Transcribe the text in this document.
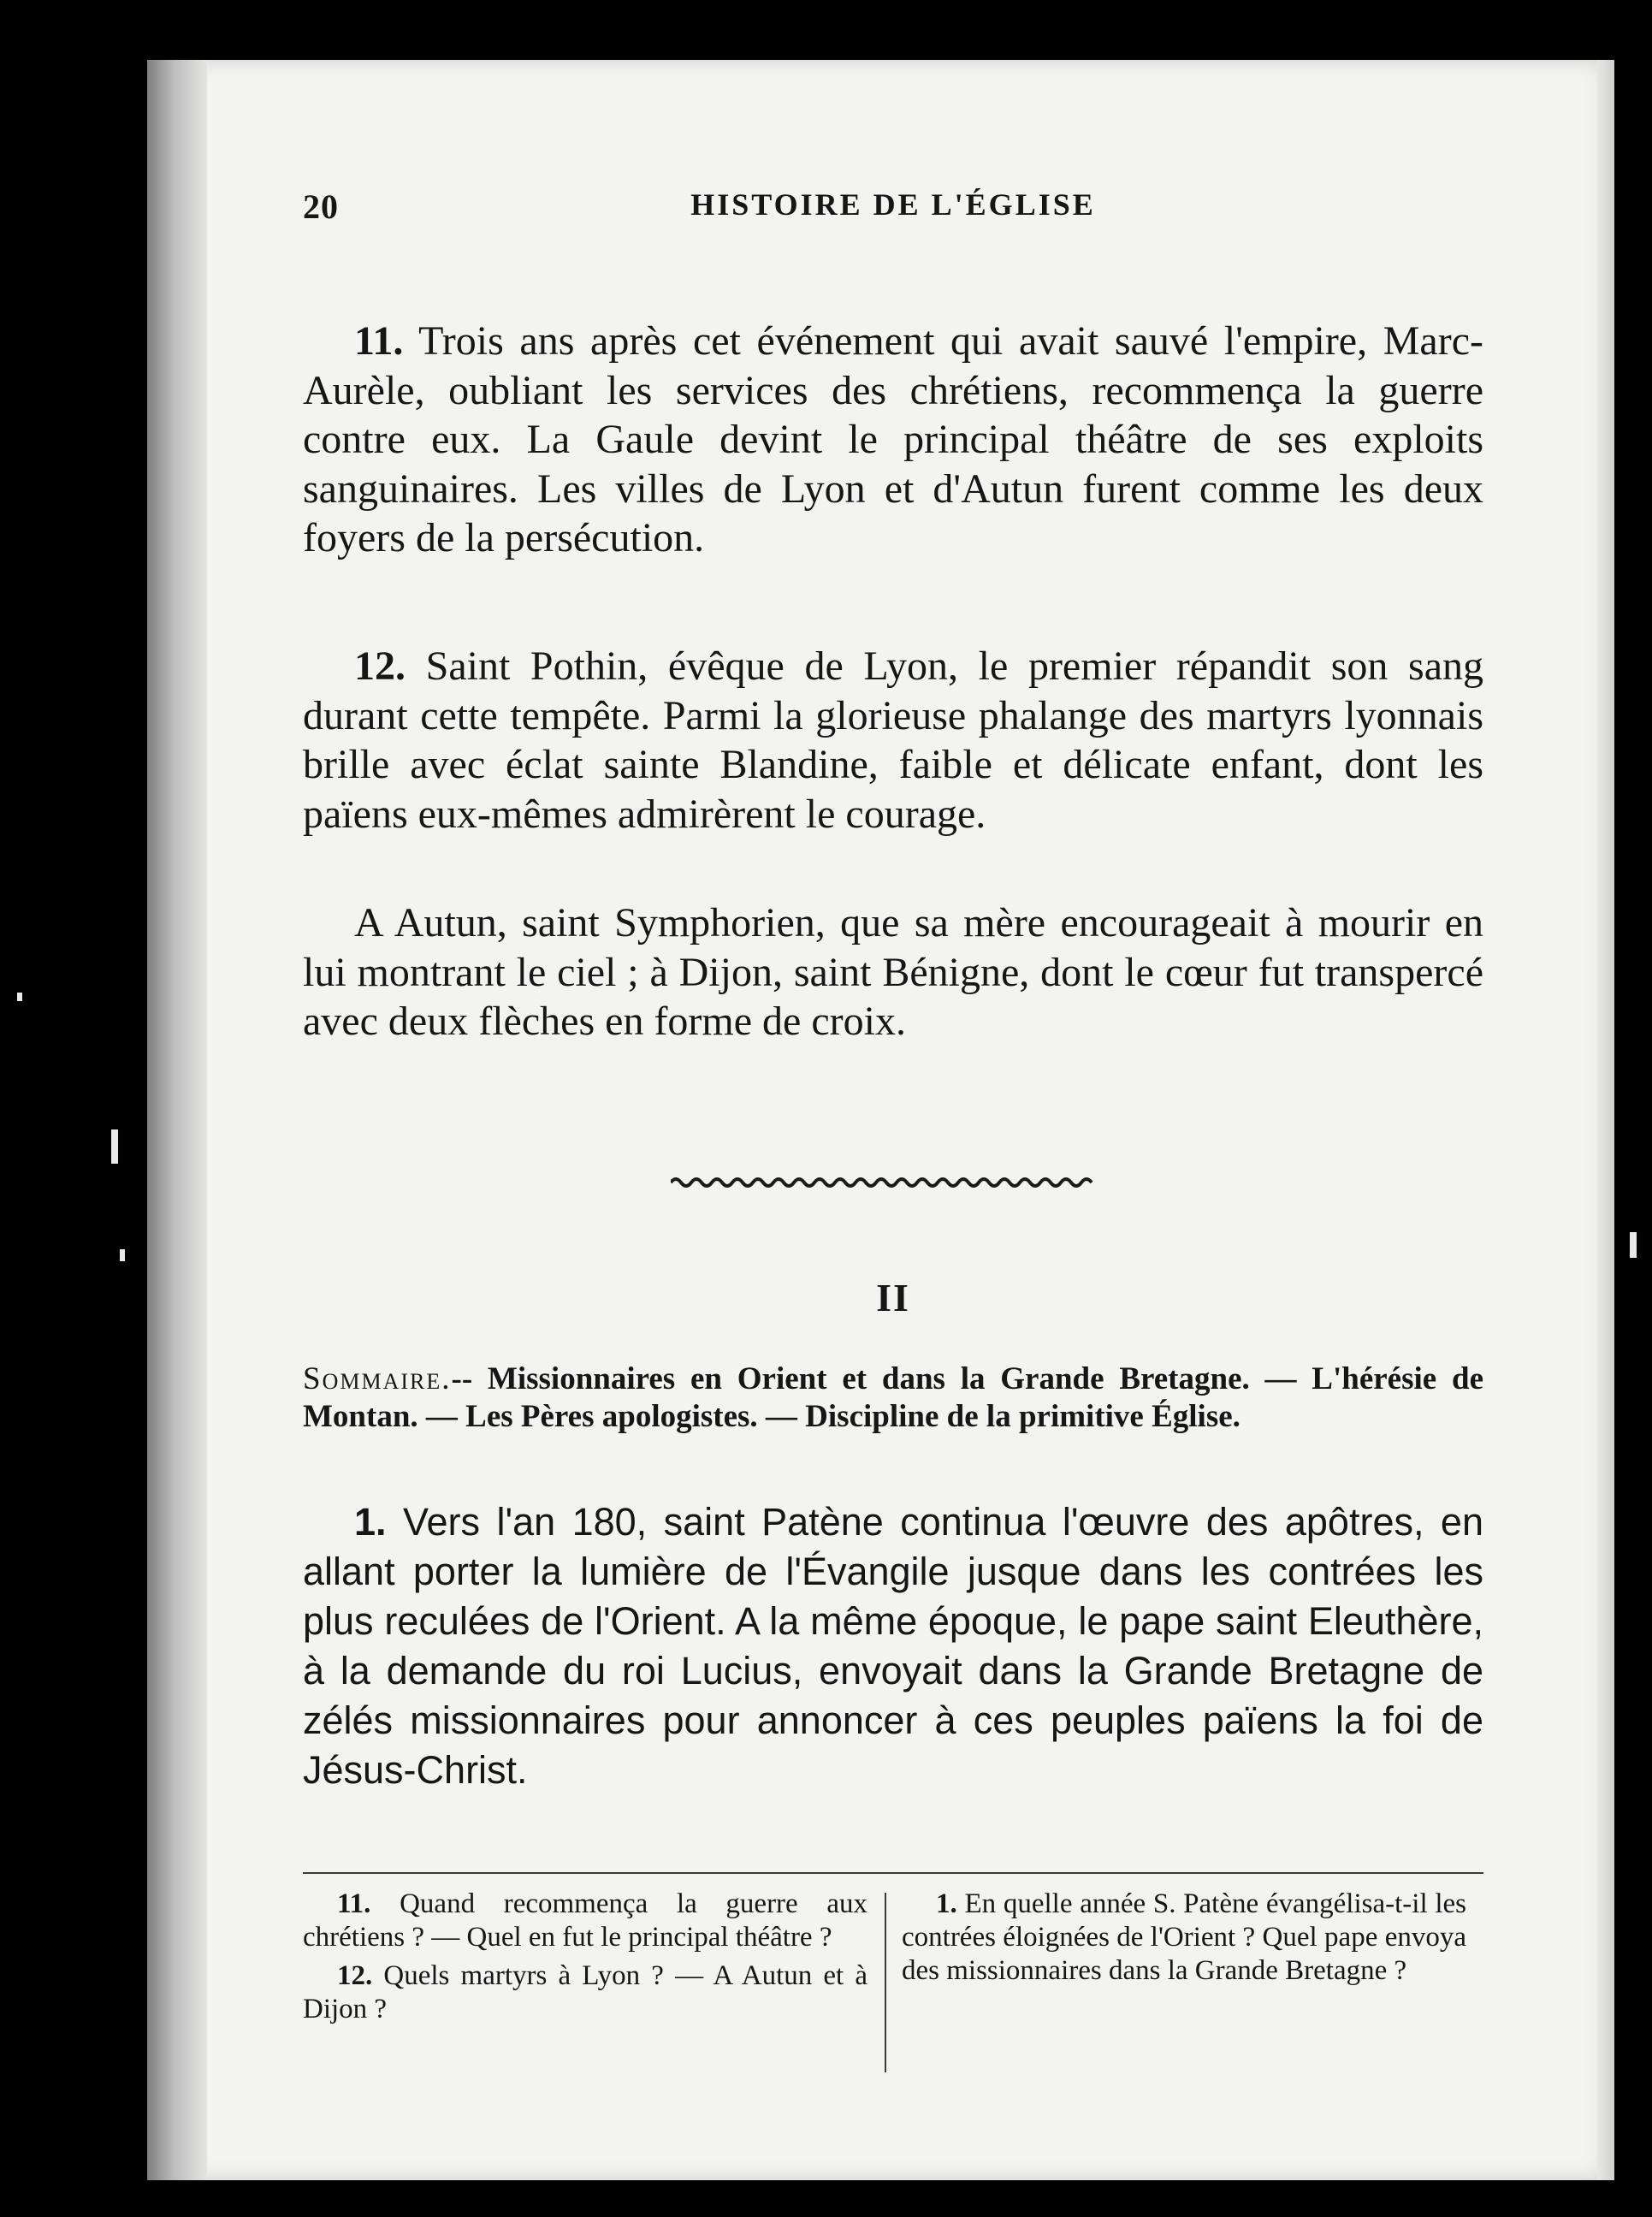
20	HISTOIRE DE L'ÉGLISE

11. Trois ans après cet événement qui avait sauvé l'empire, Marc-Aurèle, oubliant les services des chrétiens, recommença la guerre contre eux. La Gaule devint le principal théâtre de ses exploits sanguinaires. Les villes de Lyon et d'Autun furent comme les deux foyers de la persécution.

12. Saint Pothin, évêque de Lyon, le premier répandit son sang durant cette tempête. Parmi la glorieuse phalange des martyrs lyonnais brille avec éclat sainte Blandine, faible et délicate enfant, dont les païens eux-mêmes admirèrent le courage.

A Autun, saint Symphorien, que sa mère encourageait à mourir en lui montrant le ciel ; à Dijon, saint Bénigne, dont le cœur fut transpercé avec deux flèches en forme de croix.

II
Sommaire.-- Missionnaires en Orient et dans la Grande Bretagne. — L'hérésie de Montan. — Les Pères apologistes. — Discipline de la primitive Église.

1. Vers l'an 180, saint Patène continua l'œuvre des apôtres, en allant porter la lumière de l'Évangile jusque dans les contrées les plus reculées de l'Orient. A la même époque, le pape saint Eleuthère, à la demande du roi Lucius, envoyait dans la Grande Bretagne de zélés missionnaires pour annoncer à ces peuples païens la foi de Jésus-Christ.

11. Quand recommença la guerre aux chrétiens ? — Quel en fut le principal théâtre ?

12. Quels martyrs à Lyon ? — A Autun et à Dijon ?

1. En quelle année S. Patène évangélisa-t-il les contrées éloignées de l'Orient ? Quel pape envoya des missionnaires dans la Grande Bretagne ?
